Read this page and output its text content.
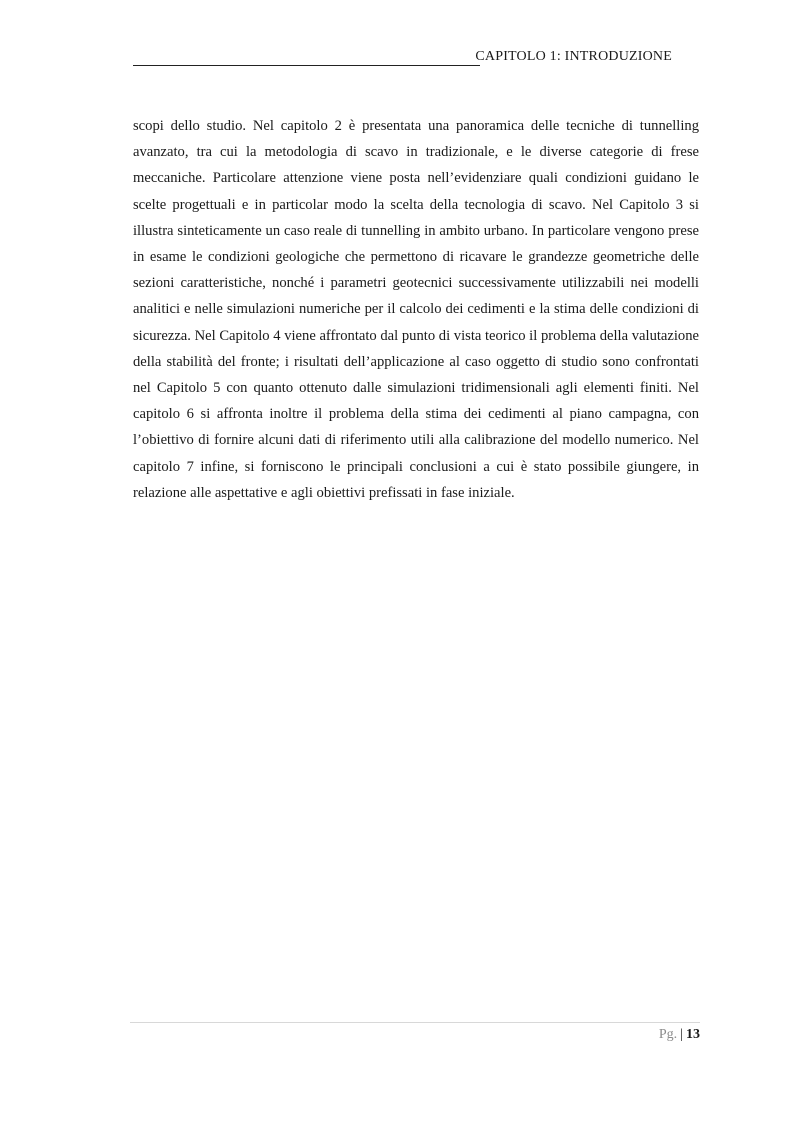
CAPITOLO 1: INTRODUZIONE

scopi dello studio. Nel capitolo 2 è presentata una panoramica delle tecniche di tunnelling avanzato, tra cui la metodologia di scavo in tradizionale, e le diverse categorie di frese meccaniche. Particolare attenzione viene posta nell’evidenziare quali condizioni guidano le scelte progettuali e in particolar modo la scelta della tecnologia di scavo. Nel Capitolo 3 si illustra sinteticamente un caso reale di tunnelling in ambito urbano. In particolare vengono prese in esame le condizioni geologiche che permettono di ricavare le grandezze geometriche delle sezioni caratteristiche, nonché i parametri geotecnici successivamente utilizzabili nei modelli analitici e nelle simulazioni numeriche per il calcolo dei cedimenti e la stima delle condizioni di sicurezza. Nel Capitolo 4 viene affrontato dal punto di vista teorico il problema della valutazione della stabilità del fronte; i risultati dell’applicazione al caso oggetto di studio sono confrontati nel Capitolo 5 con quanto ottenuto dalle simulazioni tridimensionali agli elementi finiti. Nel capitolo 6 si affronta inoltre il problema della stima dei cedimenti al piano campagna, con l’obiettivo di fornire alcuni dati di riferimento utili alla calibrazione del modello numerico. Nel capitolo 7 infine, si forniscono le principali conclusioni a cui è stato possibile giungere, in relazione alle aspettative e agli obiettivi prefissati in fase iniziale.

Pg. | 13
